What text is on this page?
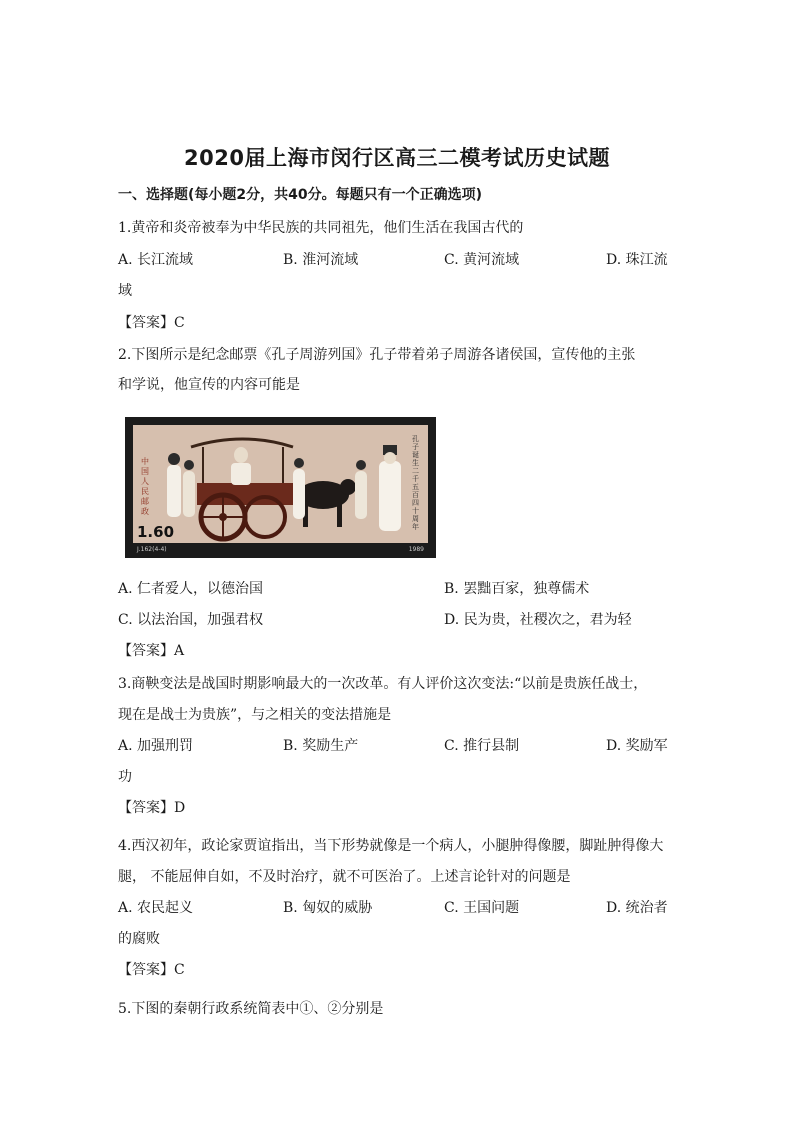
2020届上海市闵行区高三二模考试历史试题
一、选择题(每小题2分，共40分。每题只有一个正确选项)
1.黄帝和炎帝被奉为中华民族的共同祖先，他们生活在我国古代的
A. 长江流域	B. 淮河流域	C. 黄河流域	D. 珠江流
域
【答案】C
2.下图所示是纪念邮票《孔子周游列国》孔子带着弟子周游各诸侯国，宣传他的主张
和学说，他宣传的内容可能是
中国人民邮政
孔子诞生二千五百四十周年
1.60
J.162(4-4)	1989
A. 仁者爱人，以德治国	B. 罢黜百家，独尊儒术
C. 以法治国，加强君权	D. 民为贵，社稷次之，君为轻
【答案】A
3.商鞅变法是战国时期影响最大的一次改革。有人评价这次变法:“以前是贵族任战士，
现在是战士为贵族”，与之相关的变法措施是
A. 加强刑罚	B. 奖励生产	C. 推行县制	D. 奖励军
功
【答案】D
4.西汉初年，政论家贾谊指出，当下形势就像是一个病人，小腿肿得像腰，脚趾肿得像大
腿， 不能屈伸自如，不及时治疗，就不可医治了。上述言论针对的问题是
A. 农民起义	B. 匈奴的威胁	C. 王国问题	D. 统治者
的腐败
【答案】C
5.下图的秦朝行政系统简表中①、②分别是
